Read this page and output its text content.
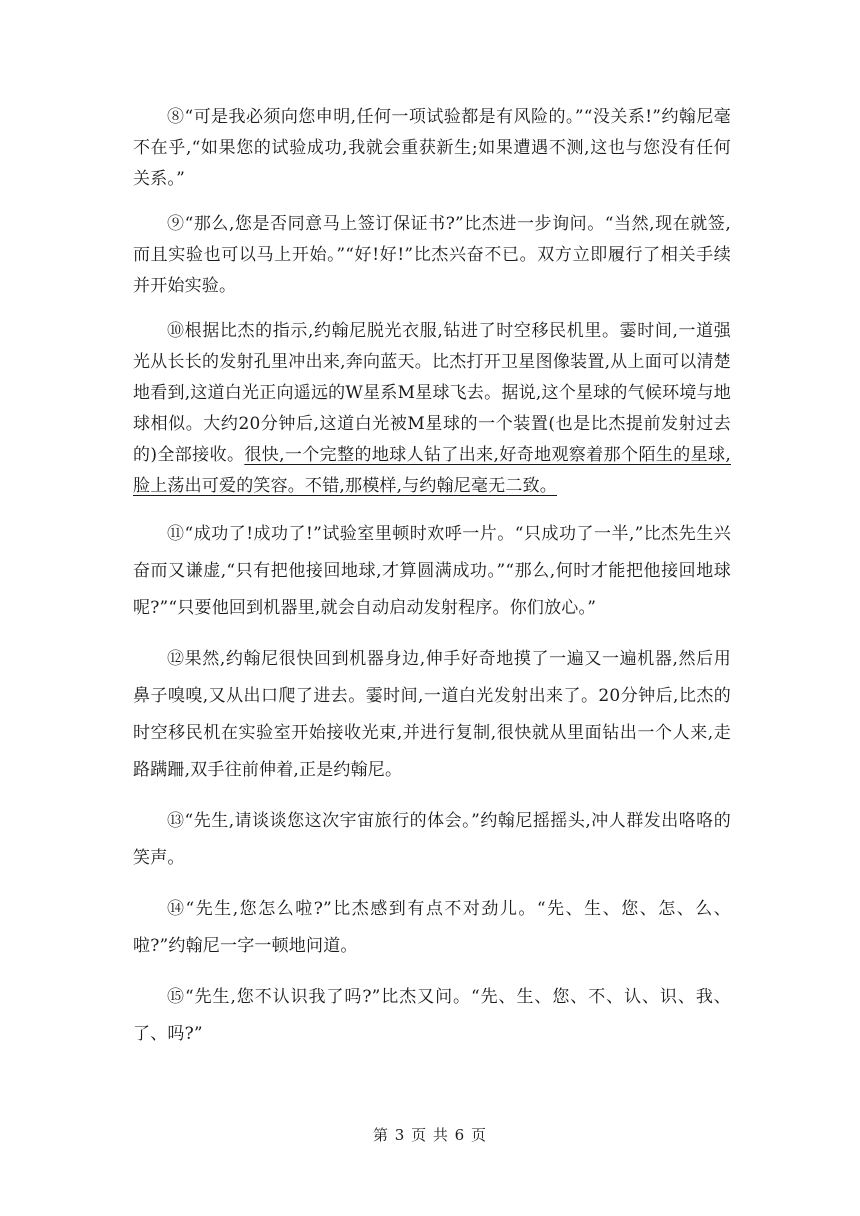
⑧“可是我必须向您申明,任何一项试验都是有风险的。”“没关系!”约翰尼毫不在乎,“如果您的试验成功,我就会重获新生;如果遭遇不测,这也与您没有任何关系。”

⑨“那么,您是否同意马上签订保证书?”比杰进一步询问。“当然,现在就签,而且实验也可以马上开始。”“好!好!”比杰兴奋不已。双方立即履行了相关手续并开始实验。

⑩根据比杰的指示,约翰尼脱光衣服,钻进了时空移民机里。霎时间,一道强光从长长的发射孔里冲出来,奔向蓝天。比杰打开卫星图像装置,从上面可以清楚地看到,这道白光正向遥远的W星系M星球飞去。据说,这个星球的气候环境与地球相似。大约20分钟后,这道白光被M星球的一个装置(也是比杰提前发射过去的)全部接收。很快,一个完整的地球人钻了出来,好奇地观察着那个陌生的星球,脸上荡出可爱的笑容。不错,那模样,与约翰尼毫无二致。

⑪“成功了!成功了!”试验室里顿时欢呼一片。“只成功了一半,”比杰先生兴奋而又谦虚,“只有把他接回地球,才算圆满成功。”“那么,何时才能把他接回地球呢?”“只要他回到机器里,就会自动启动发射程序。你们放心。”

⑫果然,约翰尼很快回到机器身边,伸手好奇地摸了一遍又一遍机器,然后用鼻子嗅嗅,又从出口爬了进去。霎时间,一道白光发射出来了。20分钟后,比杰的时空移民机在实验室开始接收光束,并进行复制,很快就从里面钻出一个人来,走路蹒跚,双手往前伸着,正是约翰尼。

⑬“先生,请谈谈您这次宇宙旅行的体会。”约翰尼摇摇头,冲人群发出咯咯的笑声。

⑭“先生,您怎么啦?”比杰感到有点不对劲儿。“先、生、您、怎、么、啦?”约翰尼一字一顿地问道。

⑮“先生,您不认识我了吗?”比杰又问。“先、生、您、不、认、识、我、了、吗?”

第 3 页 共 6 页
